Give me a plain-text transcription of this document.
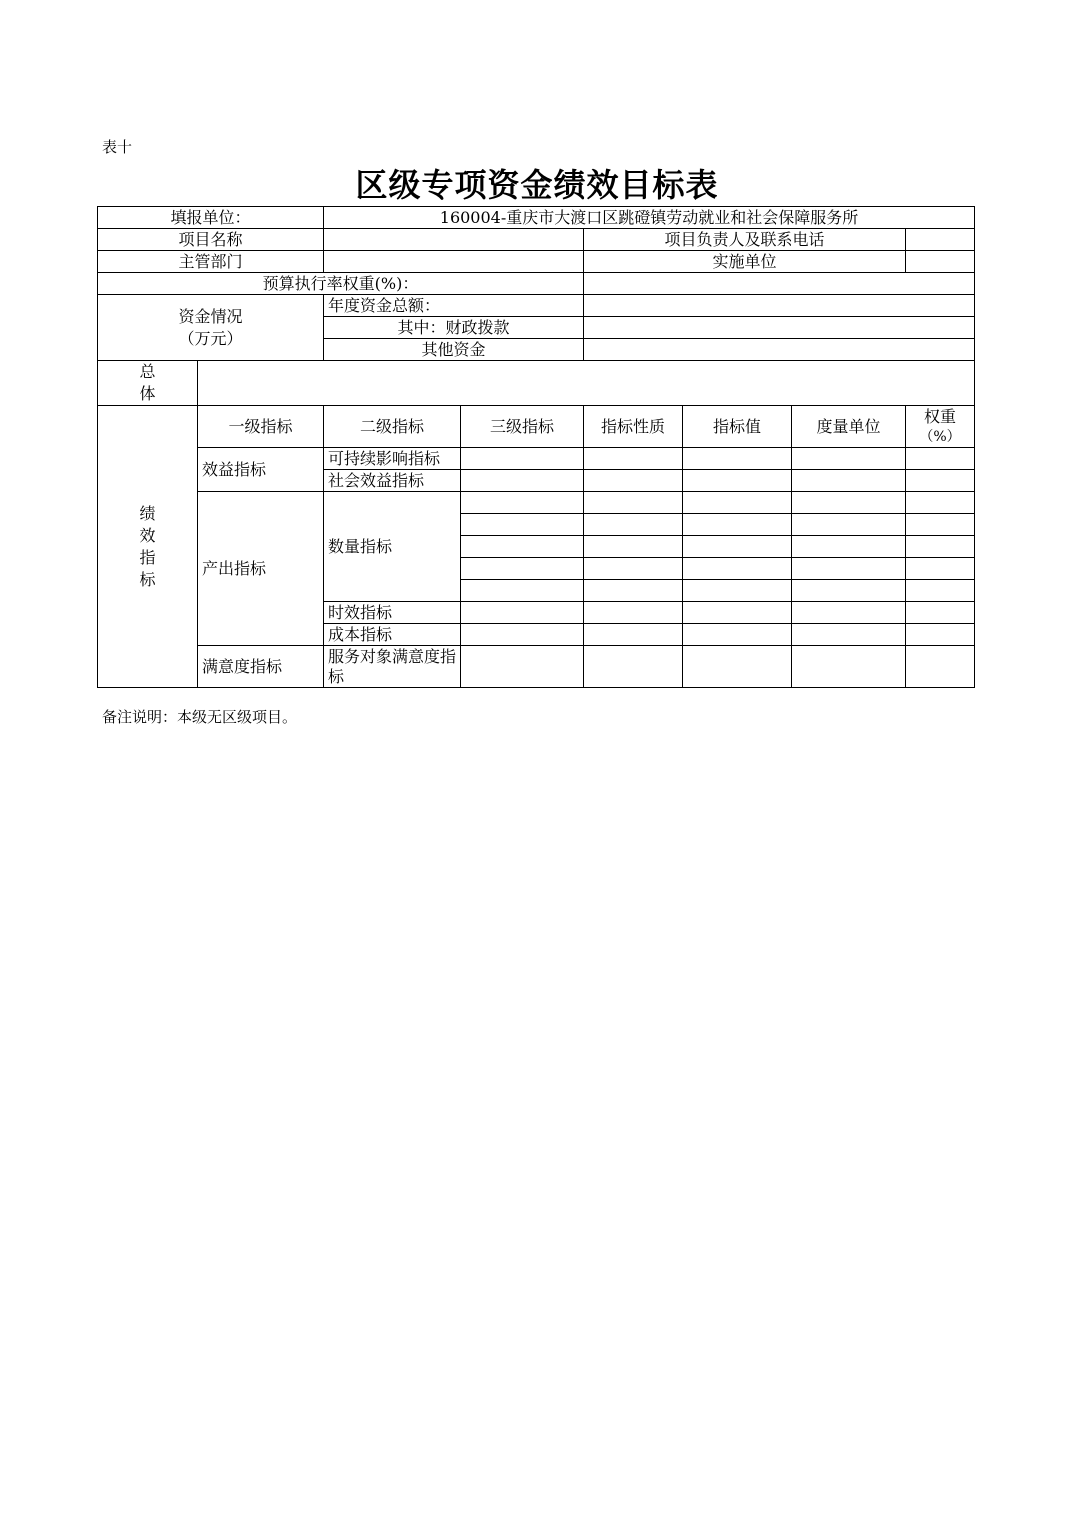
表十
区级专项资金绩效目标表
填报单位：		160004-重庆市大渡口区跳磴镇劳动就业和社会保障服务所					
项目名称				项目负责人及联系电话			
主管部门				实施单位			
预算执行率权重(%)：							

资金情况
（万元）		年度资金总额：					
		其中：财政拨款					
		其他资金					
总体							
绩效指标	一级指标	二级指标	三级指标	指标性质	指标值	度量单位	权重
（%）

	效益指标	可持续影响指标					
		社会效益指标					
	产出指标	数量指标					

		时效指标					
		成本指标					
	满意度指标	服务对象满意度指标					
备注说明：本级无区级项目。
